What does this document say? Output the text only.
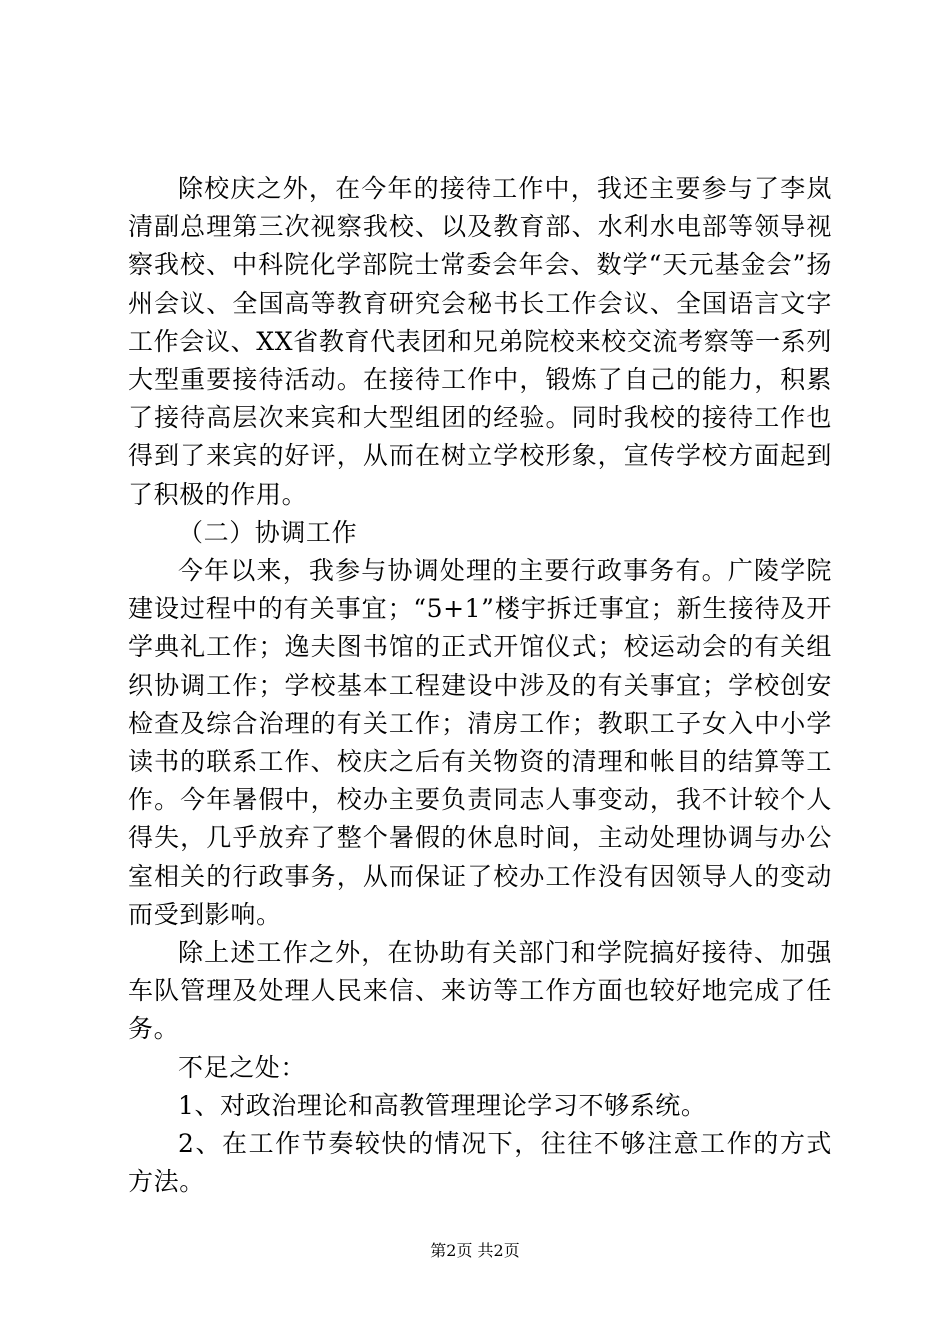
除校庆之外，在今年的接待工作中，我还主要参与了李岚清副总理第三次视察我校、以及教育部、水利水电部等领导视察我校、中科院化学部院士常委会年会、数学“天元基金会”扬州会议、全国高等教育研究会秘书长工作会议、全国语言文字工作会议、XX省教育代表团和兄弟院校来校交流考察等一系列大型重要接待活动。在接待工作中，锻炼了自己的能力，积累了接待高层次来宾和大型组团的经验。同时我校的接待工作也得到了来宾的好评，从而在树立学校形象，宣传学校方面起到了积极的作用。

（二）协调工作

今年以来，我参与协调处理的主要行政事务有。广陵学院建设过程中的有关事宜；“5+1”楼宇拆迁事宜；新生接待及开学典礼工作；逸夫图书馆的正式开馆仪式；校运动会的有关组织协调工作；学校基本工程建设中涉及的有关事宜；学校创安检查及综合治理的有关工作；清房工作；教职工子女入中小学读书的联系工作、校庆之后有关物资的清理和帐目的结算等工作。今年暑假中，校办主要负责同志人事变动，我不计较个人得失，几乎放弃了整个暑假的休息时间，主动处理协调与办公室相关的行政事务，从而保证了校办工作没有因领导人的变动而受到影响。

除上述工作之外，在协助有关部门和学院搞好接待、加强车队管理及处理人民来信、来访等工作方面也较好地完成了任务。

不足之处：

1、对政治理论和高教管理理论学习不够系统。

2、在工作节奏较快的情况下，往往不够注意工作的方式方法。

第2页 共2页
